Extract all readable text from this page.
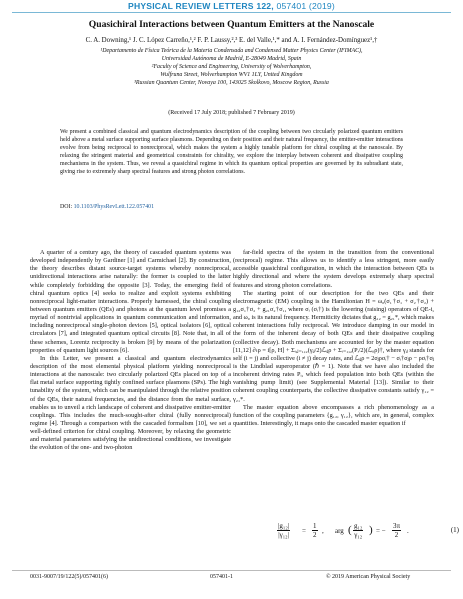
PHYSICAL REVIEW LETTERS 122, 057401 (2019)
Quasichiral Interactions between Quantum Emitters at the Nanoscale
C. A. Downing,¹ J. C. López Carreño,¹,² F. P. Laussy,²,³ E. del Valle,¹,* and A. I. Fernández-Domínguez¹,†
¹Departamento de Física Teórica de la Materia Condensada and Condensed Matter Physics Center (IFIMAC),
Universidad Autónoma de Madrid, E-28049 Madrid, Spain
²Faculty of Science and Engineering, University of Wolverhampton,
Wulfruna Street, Wolverhampton WV1 1LY, United Kingdom
³Russian Quantum Center, Novaya 100, 143025 Skolkovo, Moscow Region, Russia
(Received 17 July 2018; published 7 February 2019)
We present a combined classical and quantum electrodynamics description of the coupling between two circularly polarized quantum emitters held above a metal surface supporting surface plasmons. Depending on their position and their natural frequency, the emitter-emitter interactions evolve from being reciprocal to nonreciprocal, which makes the system a highly tunable platform for chiral coupling at the nanoscale. By relaxing the stringent material and geometrical constraints for chirality, we explore the interplay between coherent and dissipative coupling mechanisms in the system. Thus, we reveal a quasichiral regime in which its quantum optical properties are governed by its subradiant state, giving rise to extremely sharp spectral features and strong photon correlations.
DOI: 10.1103/PhysRevLett.122.057401

A quarter of a century ago, the theory of cascaded quantum systems was developed independently by Gardiner [1] and Carmichael [2]. By construction, the theory describes distant source-target systems whereby nonreciprocal, unidirectional interactions arise naturally: the former is coupled to the latter while completely forbidding the opposite [3]. Today, the emerging field of chiral quantum optics [4] seeks to realize and exploit systems exhibiting nonreciprocal light-matter interactions. Properly harnessed, the chiral coupling between quantum emitters (QEs) and photons at the quantum level promises a myriad of nontrivial applications in quantum communication and information, including nonreciprocal single-photon devices [5], optical isolators [6], optical circulators [7], and integrated quantum optical circuits [8]. Note that, in all of these schemes, Lorentz reciprocity is broken [9] by means of the polarization properties of quantum light sources [6].

In this Letter, we present a classical and quantum electrodynamics description of the most elemental physical platform yielding nonreciprocal interactions at the nanoscale: two circularly polarized QEs placed on top of a flat metal surface supporting tightly confined surface plasmons (SPs). The high tunability of the system, which can be manipulated through the relative position of the QEs, their natural frequencies, and the distance from the metal surface, enables us to unveil a rich landscape of coherent and dissipative emitter-emitter couplings. This includes the much-sought-after chiral (fully nonreciprocal) regime [4]. Through a comparison with the cascaded formalism [10], we set a well-defined criterion for chiral coupling. Moreover, by relaxing the geometric and material parameters satisfying the unidirectional conditions, we investigate the evolution of the one- and two-photon

far-field spectra of the system in the transition from the conventional (reciprocal) regime. This allows us to identify a less stringent, more easily accessible quasichiral configuration, in which the interaction between QEs is highly directional and where the system develops extremely sharp spectral features and strong photon correlations.

The starting point of our description for the two QEs and their electromagnetic (EM) coupling is the Hamiltonian H = ω₀(σ₁†σ₁ + σ₂†σ₂) + g₁₂σ₁†σ₂ + g₂₁σ₂†σ₁, where σᵢ (σᵢ†) is the lowering (raising) operators of QE-i, and ω₀ is its natural frequency. Hermiticity dictates that g₁₂ = g₂₁*, which makes coherent interactions fully reciprocal. We introduce damping in our model in the form of the inherent decay of both QEs and their dissipative coupling (collective decay). Both mechanisms are accounted for by the master equation [11,12] ∂ₜρ = i[ρ, H] + Σᵢ,ⱼ₌₁,₂(γᵢⱼ/2)ℒᵢⱼρ + Σᵢ₌₁,₂(Pᵢ/2)(ℒᵢᵢρ)†, where γᵢⱼ stands for self (i = j) and collective (i ≠ j) decay rates, and ℒᵢⱼρ = 2σⱼρσᵢ† − σᵢ†σⱼρ − ρσᵢ†σⱼ is the Lindblad superoperator (ℏ = 1). Note that we have also included the incoherent driving rates Pᵢ, which feed population into both QEs (within the vanishing pump limit) (see Supplemental Material [13]). Similar to their coherent coupling counterparts, the collective dissipative constants satisfy γ₁₂ = γ₂₁*.

The master equation above encompasses a rich phenomenology as a function of the coupling parameters {g₁₂, γ₁₂}, which are, in general, complex quantities. Interestingly, it maps onto the cascaded master equation if

$\frac{\text{|g₁₂|}}{\text{|γ₁₂|}} = \frac{1}{2}$ , arg ( $\frac{\text{g₁₂}}{\text{γ₁₂}}$ ) = − $\frac{3\pi}{2}$ .	(1)
0031-9007/19/122(5)/057401(6)	057401-1	© 2019 American Physical Society
